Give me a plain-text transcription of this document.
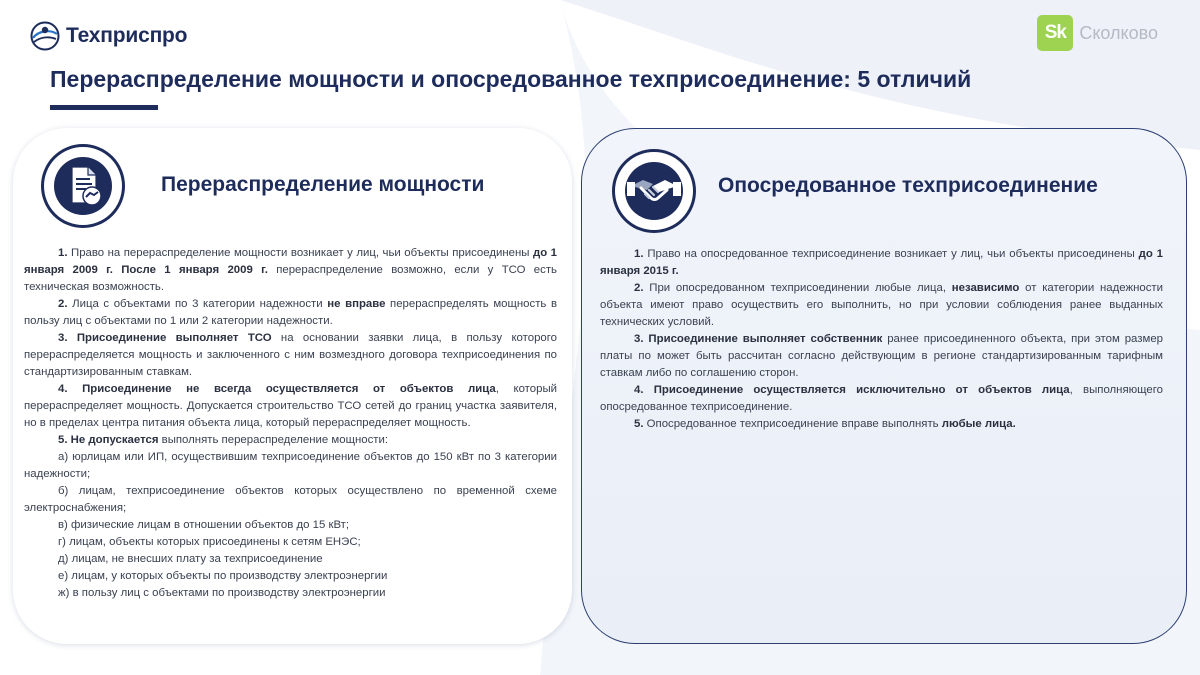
Техприспро	Sk Сколково
Перераспределение мощности и опосредованное техприсоединение: 5 отличий
Перераспределение мощности

1. Право на перераспределение мощности возникает у лиц, чьи объекты присоединены до 1 января 2009 г. После 1 января 2009 г. перераспределение возможно, если у ТСО есть техническая возможность.

2. Лица с объектами по 3 категории надежности не вправе перераспределять мощность в пользу лиц с объектами по 1 или 2 категории надежности.

3. Присоединение выполняет ТСО на основании заявки лица, в пользу которого перераспределяется мощность и заключенного с ним возмездного договора техприсоединения по стандартизированным ставкам.

4. Присоединение не всегда осуществляется от объектов лица, который перераспределяет мощность. Допускается строительство ТСО сетей до границ участка заявителя, но в пределах центра питания объекта лица, который перераспределяет мощность.

5. Не допускается выполнять перераспределение мощности:

а) юрлицам или ИП, осуществившим техприсоединение объектов до 150 кВт по 3 категории надежности;

б) лицам, техприсоединение объектов которых осуществлено по временной схеме электроснабжения;

в) физические лицам в отношении объектов до 15 кВт;

г) лицам, объекты которых присоединены к сетям ЕНЭС;

д) лицам, не внесших плату за техприсоединение

е) лицам, у которых объекты по производству электроэнергии

ж) в пользу лиц с объектами по производству электроэнергии

Опосредованное техприсоединение

1. Право на опосредованное техприсоединение возникает у лиц, чьи объекты присоединены до 1 января 2015 г.

2. При опосредованном техприсоединении любые лица, независимо от категории надежности объекта имеют право осуществить его выполнить, но при условии соблюдения ранее выданных технических условий.

3. Присоединение выполняет собственник ранее присоединенного объекта, при этом размер платы по может быть рассчитан согласно действующим в регионе стандартизированным тарифным ставкам либо по соглашению сторон.

4. Присоединение осуществляется исключительно от объектов лица, выполняющего опосредованное техприсоединение.

5. Опосредованное техприсоединение вправе выполнять любые лица.
